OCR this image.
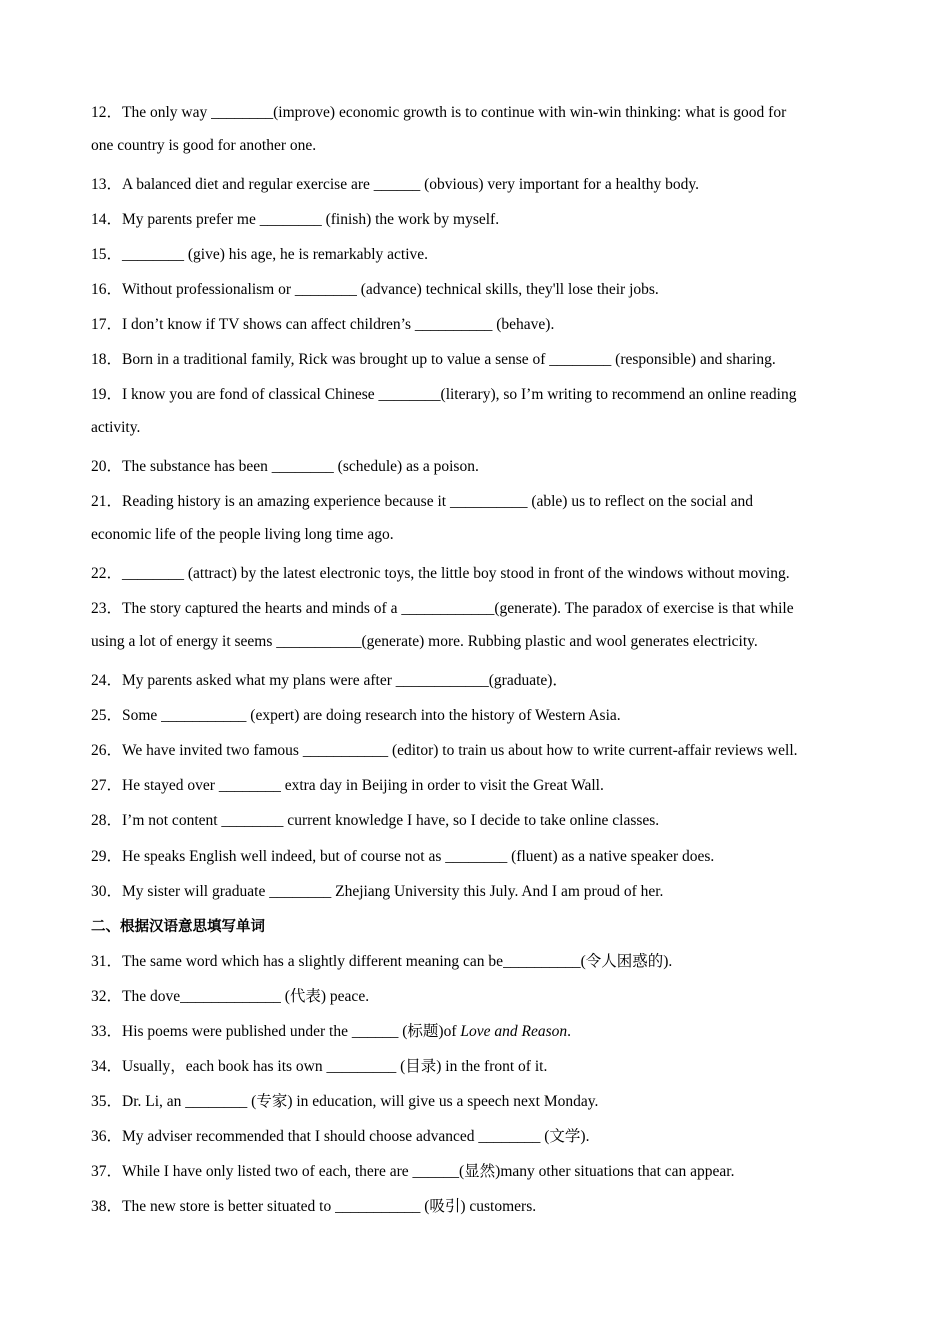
12．The only way ________(improve) economic growth is to continue with win-win thinking: what is good for
one country is good for another one.
13．A balanced diet and regular exercise are ______ (obvious) very important for a healthy body.
14．My parents prefer me ________ (finish) the work by myself.
15．________ (give) his age, he is remarkably active.
16．Without professionalism or ________ (advance) technical skills, they'll lose their jobs.
17．I don’t know if TV shows can affect children’s __________ (behave).
18．Born in a traditional family, Rick was brought up to value a sense of ________ (responsible) and sharing.
19．I know you are fond of classical Chinese ________(literary), so I’m writing to recommend an online reading
activity.
20．The substance has been ________ (schedule) as a poison.
21．Reading history is an amazing experience because it __________ (able) us to reflect on the social and
economic life of the people living long time ago.
22．________ (attract) by the latest electronic toys, the little boy stood in front of the windows without moving.
23．The story captured the hearts and minds of a ____________(generate). The paradox of exercise is that while
using a lot of energy it seems ___________(generate) more. Rubbing plastic and wool generates electricity.
24．My parents asked what my plans were after ____________(graduate)．
25．Some ___________ (expert) are doing research into the history of Western Asia.
26．We have invited two famous ___________ (editor) to train us about how to write current-affair reviews well.
27．He stayed over ________ extra day in Beijing in order to visit the Great Wall.
28．I’m not content ________ current knowledge I have, so I decide to take online classes.
29．He speaks English well indeed, but of course not as ________ (fluent) as a native speaker does.
30．My sister will graduate ________ Zhejiang University this July. And I am proud of her.
二、根据汉语意思填写单词
31．The same word which has a slightly different meaning can be__________(令人困惑的).
32．The dove_____________ (代表) peace.
33．His poems were published under the ______ (标题)of Love and Reason.
34．Usually，each book has its own _________ (目录) in the front of it.
35．Dr. Li, an ________ (专家) in education, will give us a speech next Monday.
36．My adviser recommended that I should choose advanced ________ (文学).
37．While I have only listed two of each, there are ______(显然)many other situations that can appear.
38．The new store is better situated to ___________ (吸引) customers.
